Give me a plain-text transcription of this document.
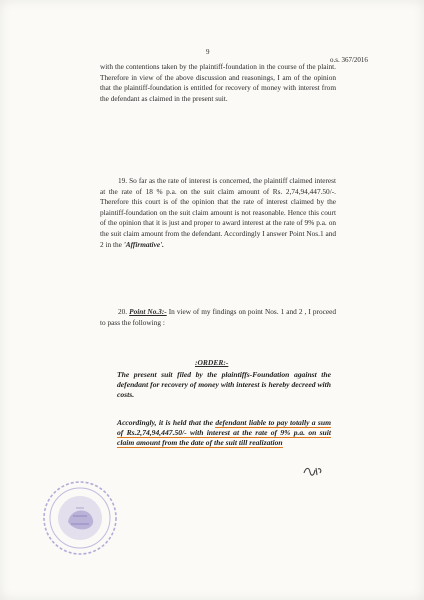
9
o.s. 367/2016

with the contentions taken by the plaintiff-foundation in the course of the plaint. Therefore in view of the above discussion and reasonings, I am of the opinion that the plaintiff-foundation is entitled for recovery of money with interest from the defendant as claimed in the present suit.

19. So far as the rate of interest is concerned, the plaintiff claimed interest at the rate of 18 % p.a. on the suit claim amount of Rs. 2,74,94,447.50/-. Therefore this court is of the opinion that the rate of interest claimed by the plaintiff-foundation on the suit claim amount is not reasonable. Hence this court of the opinion that it is just and proper to award interest at the rate of 9% p.a. on the suit claim amount from the defendant. Accordingly I answer Point Nos.1 and 2 in the 'Affirmative'.

20. Point No.3:- In view of my findings on point Nos. 1 and 2 , I proceed to pass the following :

:ORDER:-

The present suit filed by the plaintiffs-Foundation against the defendant for recovery of money with interest is hereby decreed with costs.

Accordingly, it is held that the defendant liable to pay totally a sum of Rs.2,74,94,447.50/- with interest at the rate of 9% p.a. on suit claim amount from the date of the suit till realization
